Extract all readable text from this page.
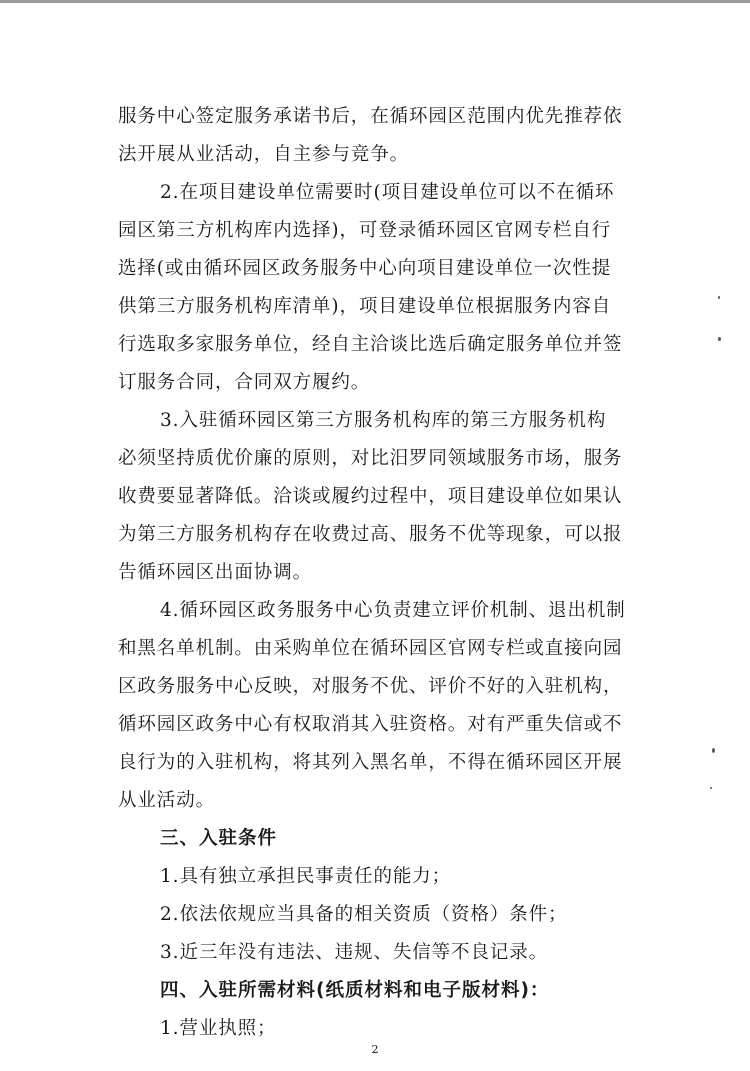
服务中心签定服务承诺书后，在循环园区范围内优先推荐依
法开展从业活动，自主参与竞争。
2.在项目建设单位需要时(项目建设单位可以不在循环
园区第三方机构库内选择)，可登录循环园区官网专栏自行
选择(或由循环园区政务服务中心向项目建设单位一次性提
供第三方服务机构库清单)，项目建设单位根据服务内容自
行选取多家服务单位，经自主洽谈比选后确定服务单位并签
订服务合同，合同双方履约。
3.入驻循环园区第三方服务机构库的第三方服务机构
必须坚持质优价廉的原则，对比汨罗同领域服务市场，服务
收费要显著降低。洽谈或履约过程中，项目建设单位如果认
为第三方服务机构存在收费过高、服务不优等现象，可以报
告循环园区出面协调。
4.循环园区政务服务中心负责建立评价机制、退出机制
和黑名单机制。由采购单位在循环园区官网专栏或直接向园
区政务服务中心反映，对服务不优、评价不好的入驻机构，
循环园区政务中心有权取消其入驻资格。对有严重失信或不
良行为的入驻机构，将其列入黑名单，不得在循环园区开展
从业活动。
三、入驻条件
1.具有独立承担民事责任的能力；
2.依法依规应当具备的相关资质（资格）条件；
3.近三年没有违法、违规、失信等不良记录。
四、入驻所需材料(纸质材料和电子版材料)：
1.营业执照；
2
